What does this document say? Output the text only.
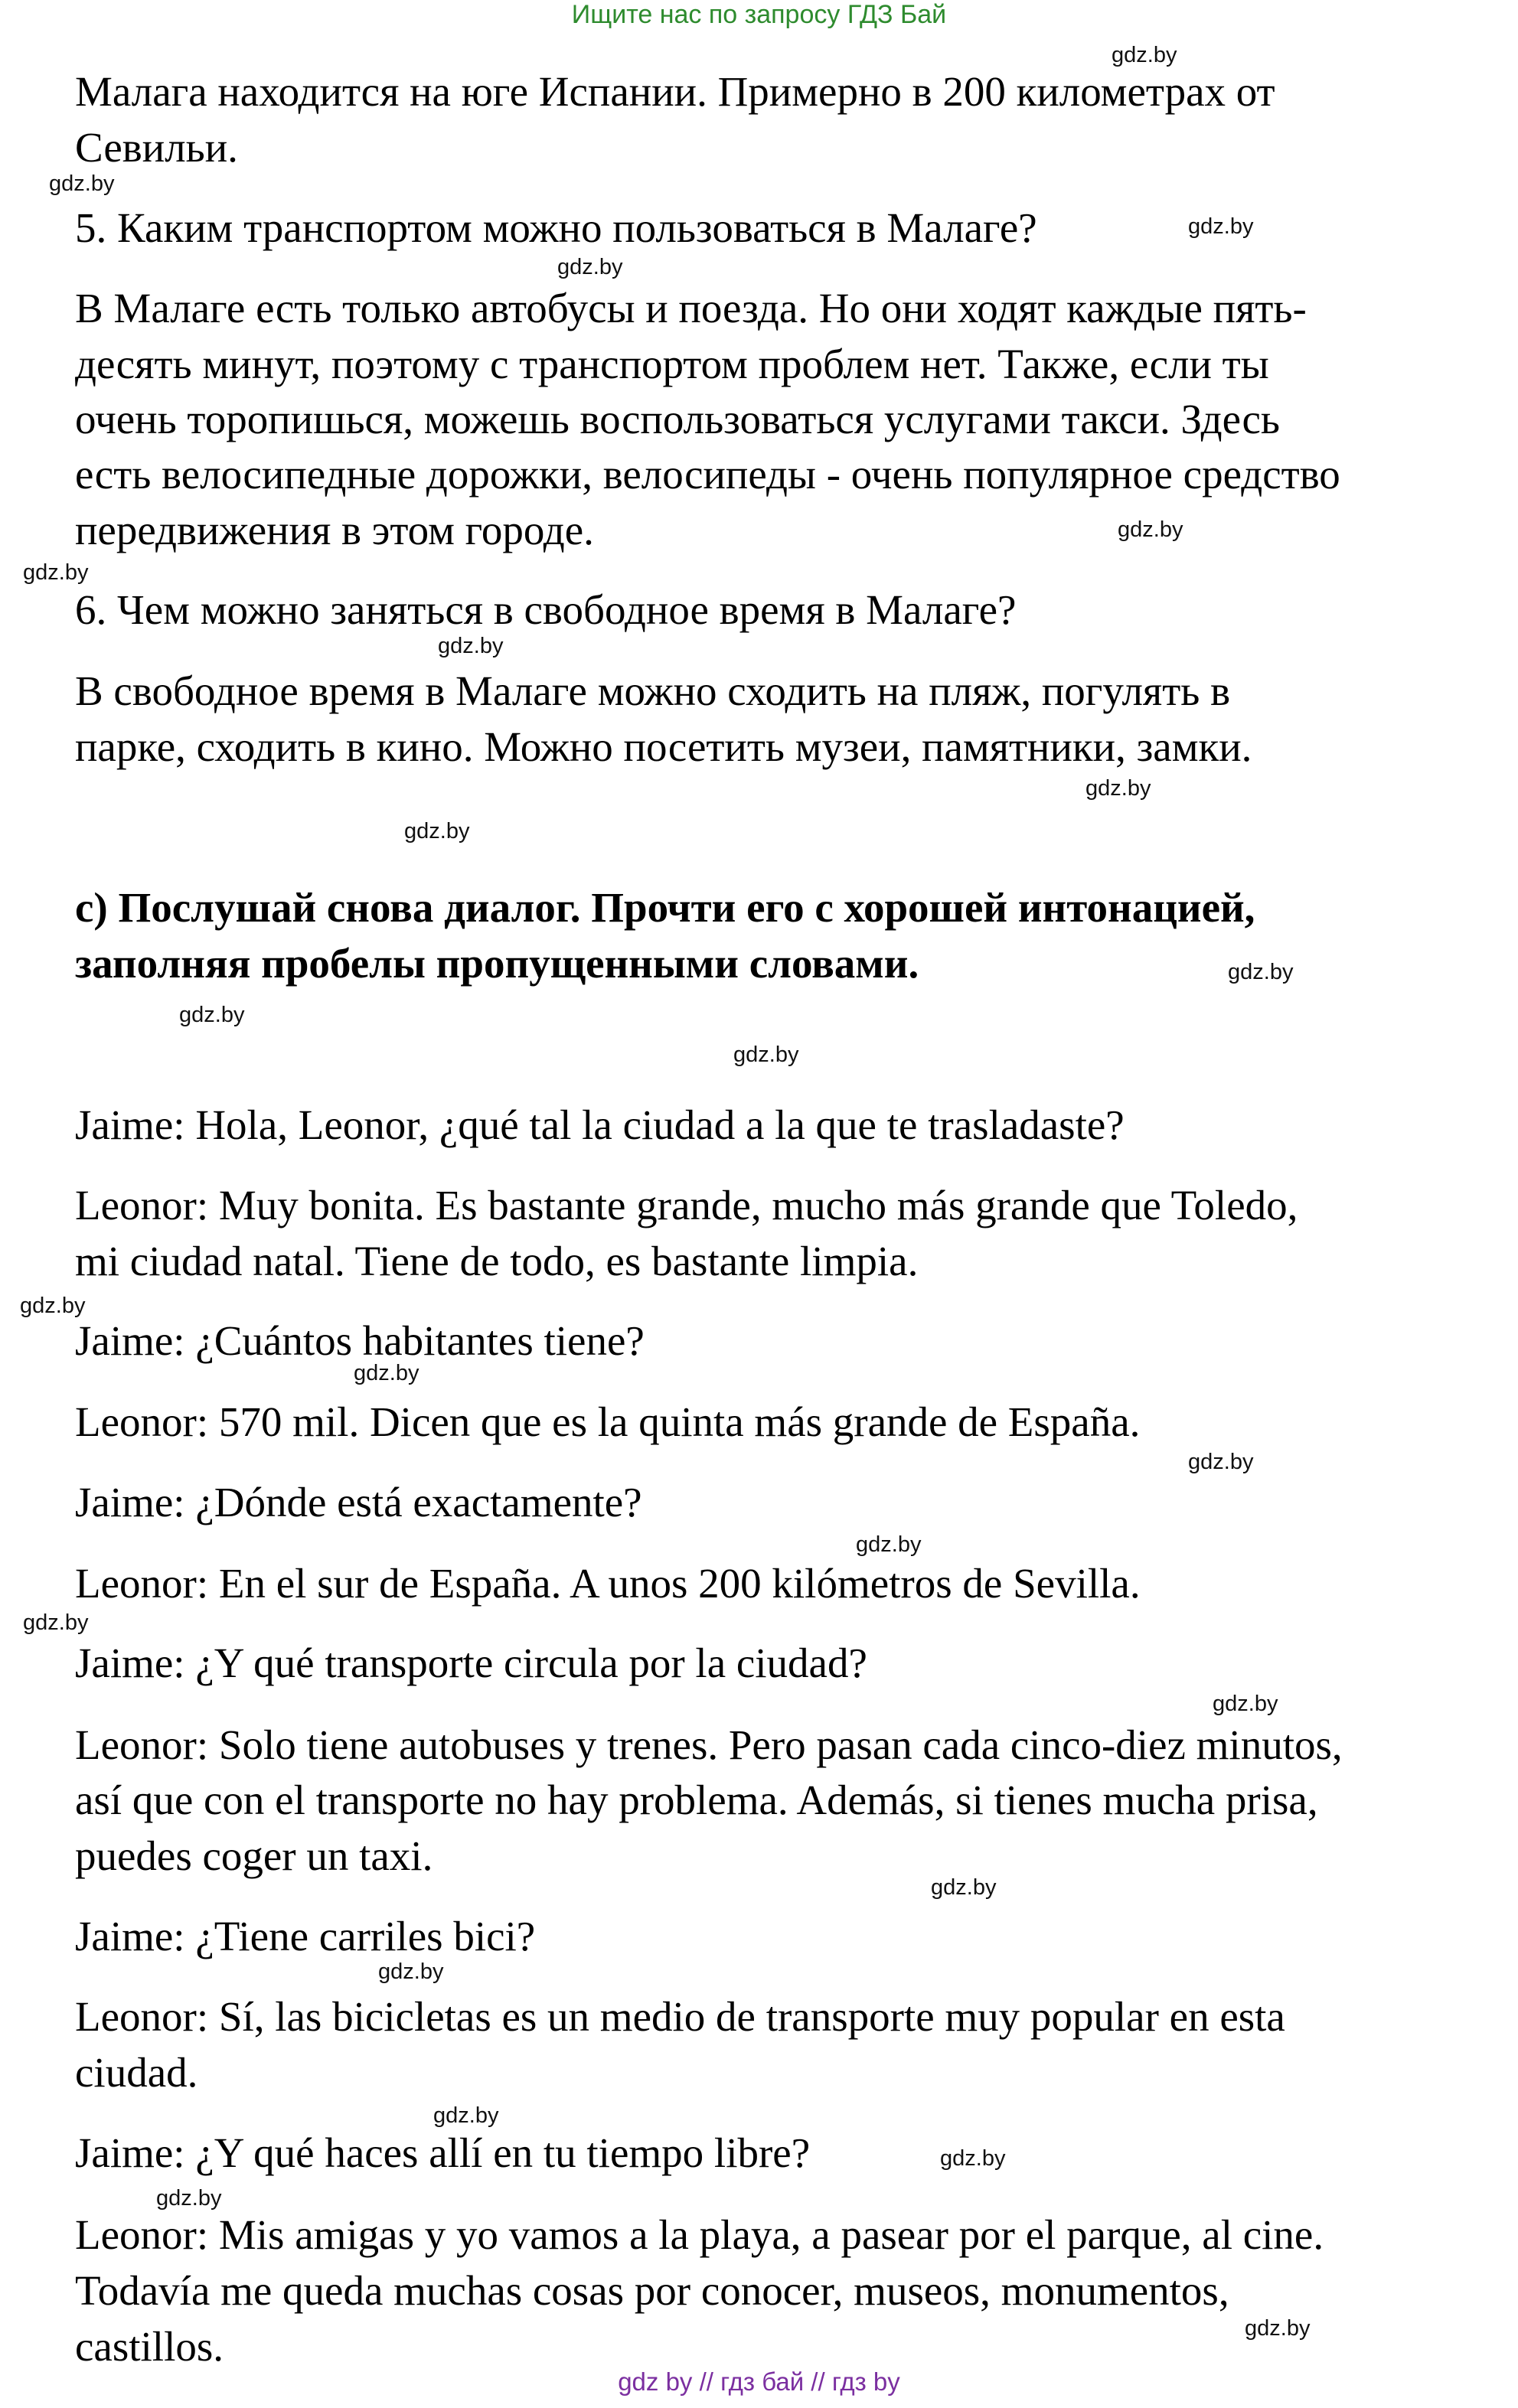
Ищите нас по запросу ГДЗ Бай
Малага находится на юге Испании. Примерно в 200 километрах от
Севильи.
5. Каким транспортом можно пользоваться в Малаге?
В Малаге есть только автобусы и поезда. Но они ходят каждые пять-
десять минут, поэтому с транспортом проблем нет. Также, если ты
очень торопишься, можешь воспользоваться услугами такси. Здесь
есть велосипедные дорожки, велосипеды - очень популярное средство
передвижения в этом городе.
6. Чем можно заняться в свободное время в Малаге?
В свободное время в Малаге можно сходить на пляж, погулять в
парке, сходить в кино. Можно посетить музеи, памятники, замки.
c) Послушай снова диалог. Прочти его с хорошей интонацией,
заполняя пробелы пропущенными словами.
Jaime: Hola, Leonor, ¿qué tal la ciudad a la que te trasladaste?
Leonor: Muy bonita. Es bastante grande, mucho más grande que Toledo,
mi ciudad natal. Tiene de todo, es bastante limpia.
Jaime: ¿Cuántos habitantes tiene?
Leonor: 570 mil. Dicen que es la quinta más grande de España.
Jaime: ¿Dónde está exactamente?
Leonor: En el sur de España. A unos 200 kilómetros de Sevilla.
Jaime: ¿Y qué transporte circula por la ciudad?
Leonor: Solo tiene autobuses y trenes. Pero pasan cada cinco-diez minutos,
así que con el transporte no hay problema. Además, si tienes mucha prisa,
puedes coger un taxi.
Jaime: ¿Tiene carriles bici?
Leonor: Sí, las bicicletas es un medio de transporte muy popular en esta
ciudad.
Jaime: ¿Y qué haces allí en tu tiempo libre?
Leonor: Mis amigas y yo vamos a la playa, a pasear por el parque, al cine.
Todavía me queda muchas cosas por conocer, museos, monumentos,
castillos.
gdz.by
gdz.by
gdz.by
gdz.by
gdz.by
gdz.by
gdz.by
gdz.by
gdz.by
gdz.by
gdz.by
gdz.by
gdz.by
gdz.by
gdz.by
gdz.by
gdz.by
gdz.by
gdz.by
gdz.by
gdz.by
gdz.by
gdz.by
gdz.by
gdz by // гдз бай // гдз by
